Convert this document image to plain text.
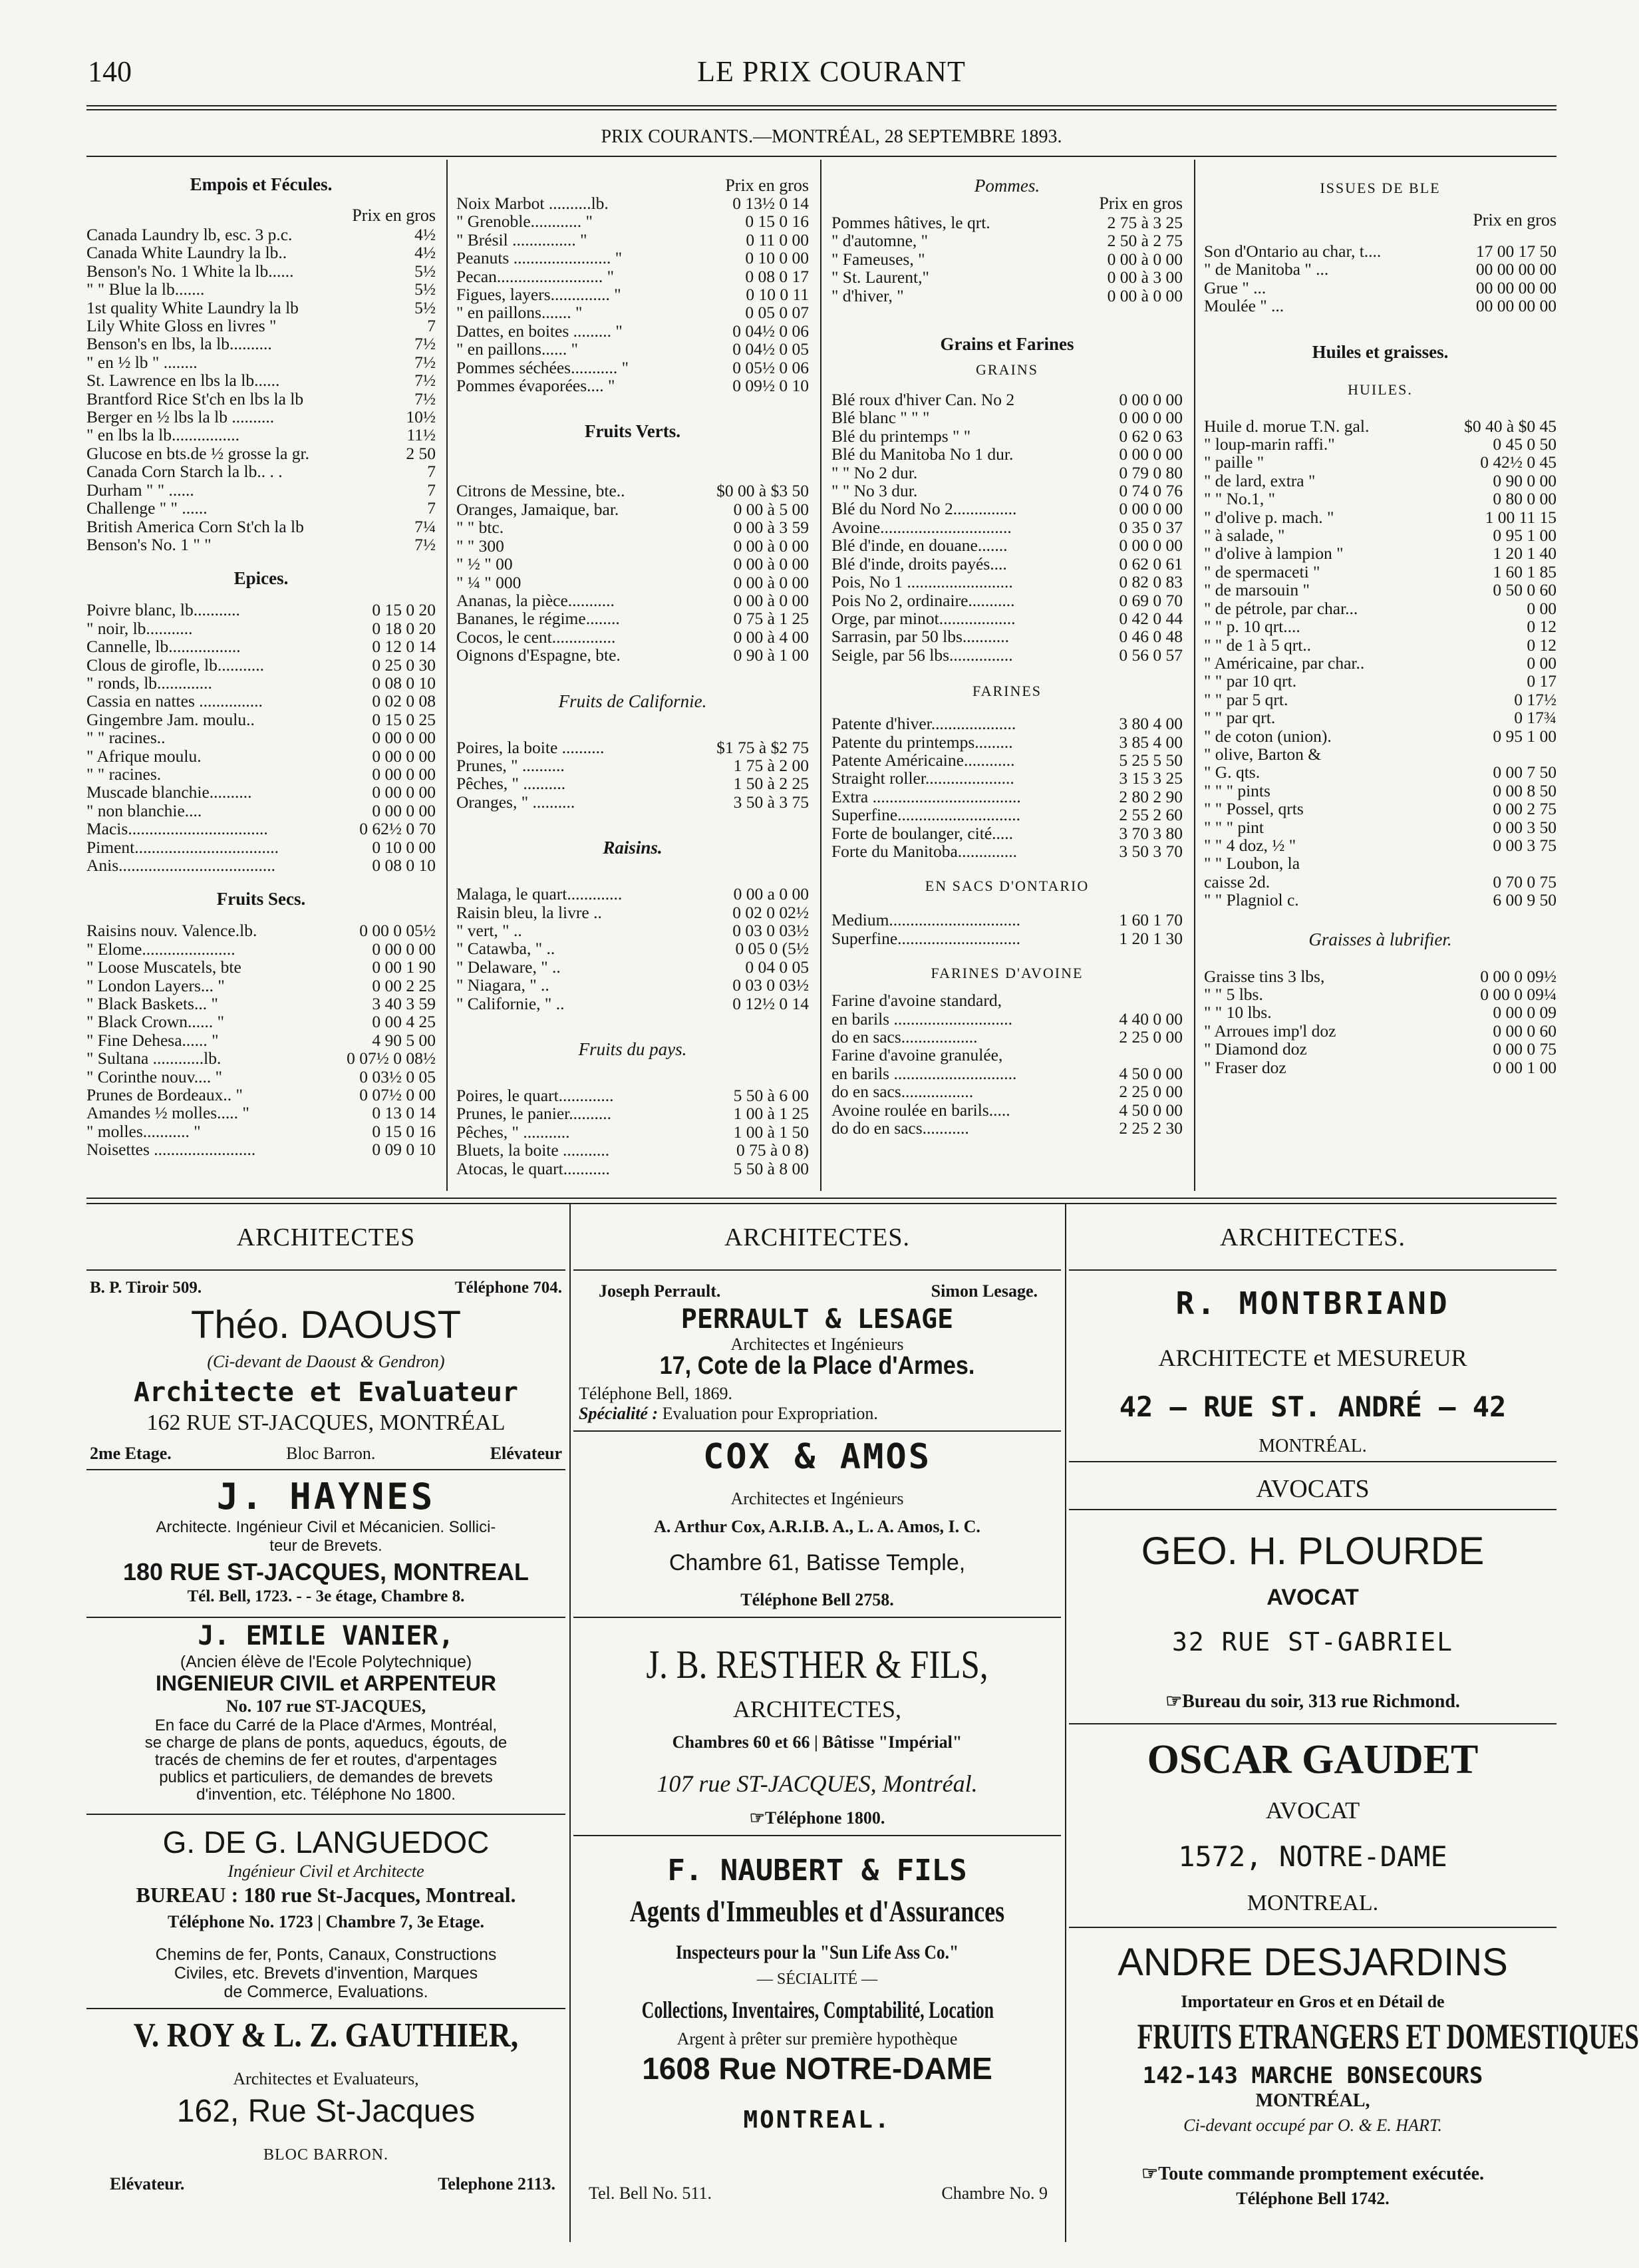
140	LE PRIX COURANT
PRIX COURANTS.—MONTRÉAL, 28 SEPTEMBRE 1893.
Empois et Fécules.
Prix en gros
Canada Laundry lb, esc. 3 p.c.	4½
Canada White Laundry la lb..	4½
Benson's No. 1 White la lb......	5½
" " Blue la lb.......	5½
1st quality White Laundry la lb	5½
Lily White Gloss en livres "	7
Benson's en lbs, la lb..........	7½
" en ½ lb " ........	7½
St. Lawrence en lbs la lb......	7½
Brantford Rice St'ch en lbs la lb	7½
Berger en ½ lbs la lb ..........	10½
" en lbs la lb................	11½
Glucose en bts.de ½ grosse la gr.	2 50
Canada Corn Starch la lb.. . .	7
Durham " " ......	7
Challenge " " ......	7
British America Corn St'ch la lb	7¼
Benson's No. 1 " "	7½
Epices.
Poivre blanc, lb...........	0 15 0 20
" noir, lb...........	0 18 0 20
Cannelle, lb.................	0 12 0 14
Clous de girofle, lb...........	0 25 0 30
" ronds, lb.............	0 08 0 10
Cassia en nattes ...............	0 02 0 08
Gingembre Jam. moulu..	0 15 0 25
" " racines..	0 00 0 00
" Afrique moulu.	0 00 0 00
" " racines.	0 00 0 00
Muscade blanchie..........	0 00 0 00
" non blanchie....	0 00 0 00
Macis.................................	0 62½ 0 70
Piment..................................	0 10 0 00
Anis.....................................	0 08 0 10
Fruits Secs.
Raisins nouv. Valence.lb.	0 00 0 05½
" Elome......................	0 00 0 00
" Loose Muscatels, bte	0 00 1 90
" London Layers... "	0 00 2 25
" Black Baskets... "	3 40 3 59
" Black Crown...... "	0 00 4 25
" Fine Dehesa...... "	4 90 5 00
" Sultana ............lb.	0 07½ 0 08½
" Corinthe nouv.... "	0 03½ 0 05
Prunes de Bordeaux.. "	0 07½ 0 00
Amandes ½ molles..... "	0 13 0 14
" molles........... "	0 15 0 16
Noisettes ........................	0 09 0 10
Prix en gros
Noix Marbot ..........lb.	0 13½ 0 14
" Grenoble............ "	0 15 0 16
" Brésil ............... "	0 11 0 00
Peanuts ....................... "	0 10 0 00
Pecan......................... "	0 08 0 17
Figues, layers.............. "	0 10 0 11
" en paillons....... "	0 05 0 07
Dattes, en boites ......... "	0 04½ 0 06
" en paillons...... "	0 04½ 0 05
Pommes séchées........... "	0 05½ 0 06
Pommes évaporées.... "	0 09½ 0 10
Fruits Verts.
Citrons de Messine, bte..	$0 00 à $3 50
Oranges, Jamaique, bar.	0 00 à 5 00
" " btc.	0 00 à 3 59
" " 300	0 00 à 0 00
" ½ " 00	0 00 à 0 00
" ¼ " 000	0 00 à 0 00
Ananas, la pièce...........	0 00 à 0 00
Bananes, le régime........	0 75 à 1 25
Cocos, le cent...............	0 00 à 4 00
Oignons d'Espagne, bte.	0 90 à 1 00
Fruits de Californie.
Poires, la boite ..........	$1 75 à $2 75
Prunes, " ..........	1 75 à 2 00
Pêches, " ..........	1 50 à 2 25
Oranges, " ..........	3 50 à 3 75
Raisins.
Malaga, le quart.............	0 00 a 0 00
Raisin bleu, la livre ..	0 02 0 02½
" vert, " ..	0 03 0 03½
" Catawba, " ..	0 05 0 (5½
" Delaware, " ..	0 04 0 05
" Niagara, " ..	0 03 0 03½
" Californie, " ..	0 12½ 0 14
Fruits du pays.
Poires, le quart.............	5 50 à 6 00
Prunes, le panier..........	1 00 à 1 25
Pêches, " ...........	1 00 à 1 50
Bluets, la boite ...........	0 75 à 0 8)
Atocas, le quart...........	5 50 à 8 00
Pommes.
Prix en gros
Pommes hâtives, le qrt.	2 75 à 3 25
" d'automne, "	2 50 à 2 75
" Fameuses, "	0 00 à 0 00
" St. Laurent,"	0 00 à 3 00
" d'hiver, "	0 00 à 0 00
Grains et Farines
GRAINS
Blé roux d'hiver Can. No 2	0 00 0 00
Blé blanc " " "	0 00 0 00
Blé du printemps " "	0 62 0 63
Blé du Manitoba No 1 dur.	0 00 0 00
" " No 2 dur.	0 79 0 80
" " No 3 dur.	0 74 0 76
Blé du Nord No 2...............	0 00 0 00
Avoine...............................	0 35 0 37
Blé d'inde, en douane.......	0 00 0 00
Blé d'inde, droits payés....	0 62 0 61
Pois, No 1 .........................	0 82 0 83
Pois No 2, ordinaire...........	0 69 0 70
Orge, par minot..................	0 42 0 44
Sarrasin, par 50 lbs...........	0 46 0 48
Seigle, par 56 lbs...............	0 56 0 57
FARINES
Patente d'hiver....................	3 80 4 00
Patente du printemps.........	3 85 4 00
Patente Américaine............	5 25 5 50
Straight roller.....................	3 15 3 25
Extra ...................................	2 80 2 90
Superfine.............................	2 55 2 60
Forte de boulanger, cité.....	3 70 3 80
Forte du Manitoba..............	3 50 3 70
EN SACS D'ONTARIO
Medium...............................	1 60 1 70
Superfine.............................	1 20 1 30
FARINES D'AVOINE
Farine d'avoine standard,
en barils ............................	4 40 0 00
do en sacs..................	2 25 0 00
Farine d'avoine granulée,
en barils .............................	4 50 0 00
do en sacs.................	2 25 0 00
Avoine roulée en barils.....	4 50 0 00
do do en sacs...........	2 25 2 30
ISSUES DE BLE
Prix en gros
Son d'Ontario au char, t....	17 00 17 50
" de Manitoba " ...	00 00 00 00
Grue " ...	00 00 00 00
Moulée " ...	00 00 00 00
Huiles et graisses.
HUILES.
Huile d. morue T.N. gal.	$0 40 à $0 45
" loup-marin raffi."	0 45 0 50
" paille "	0 42½ 0 45
" de lard, extra "	0 90 0 00
" " No.1, "	0 80 0 00
" d'olive p. mach. "	1 00 11 15
" à salade, "	0 95 1 00
" d'olive à lampion "	1 20 1 40
" de spermaceti "	1 60 1 85
" de marsouin "	0 50 0 60
" de pétrole, par char...	0 00
" " p. 10 qrt....	0 12
" " de 1 à 5 qrt..	0 12
" Américaine, par char..	0 00
" " par 10 qrt.	0 17
" " par 5 qrt.	0 17½
" " par qrt.	0 17¾
" de coton (union).	0 95 1 00
" olive, Barton &
" G. qts.	0 00 7 50
" " " pints	0 00 8 50
" " Possel, qrts	0 00 2 75
" " " pint	0 00 3 50
" " 4 doz, ½ "	0 00 3 75
" " Loubon, la
caisse 2d.	0 70 0 75
" " Plagniol c.	6 00 9 50
Graisses à lubrifier.
Graisse tins 3 lbs,	0 00 0 09½
" " 5 lbs.	0 00 0 09¼
" " 10 lbs.	0 00 0 09
" Arroues imp'l doz	0 00 0 60
" Diamond doz	0 00 0 75
" Fraser doz	0 00 1 00
ARCHITECTES
B. P. Tiroir 509.	Téléphone 704.
Théo. DAOUST
(Ci-devant de Daoust & Gendron)
Architecte et Evaluateur
162 RUE ST-JACQUES, MONTRÉAL
2me Etage.	Bloc Barron.	Elévateur
J. HAYNES
Architecte. Ingénieur Civil et Mécanicien. Sollici-
teur de Brevets.
180 RUE ST-JACQUES, MONTREAL
Tél. Bell, 1723. - - 3e étage, Chambre 8.
J. EMILE VANIER,
(Ancien élève de l'Ecole Polytechnique)
INGENIEUR CIVIL et ARPENTEUR
No. 107 rue ST-JACQUES,
En face du Carré de la Place d'Armes, Montréal,
se charge de plans de ponts, aqueducs, égouts, de
tracés de chemins de fer et routes, d'arpentages
publics et particuliers, de demandes de brevets
d'invention, etc. Téléphone No 1800.
G. DE G. LANGUEDOC
Ingénieur Civil et Architecte
BUREAU : 180 rue St-Jacques, Montreal.
Téléphone No. 1723 | Chambre 7, 3e Etage.
Chemins de fer, Ponts, Canaux, Constructions
Civiles, etc. Brevets d'invention, Marques
de Commerce, Evaluations.
V. ROY & L. Z. GAUTHIER,
Architectes et Evaluateurs,
162, Rue St-Jacques
BLOC BARRON.
Elévateur.	Telephone 2113.
ARCHITECTES.
Joseph Perrault.	Simon Lesage.
PERRAULT & LESAGE
Architectes et Ingénieurs
17, Cote de la Place d'Armes.
Téléphone Bell, 1869.
Spécialité : Evaluation pour Expropriation.
COX & AMOS
Architectes et Ingénieurs
A. Arthur Cox, A.R.I.B. A., L. A. Amos, I. C.
Chambre 61, Batisse Temple,
Téléphone Bell 2758.
J. B. RESTHER & FILS,
ARCHITECTES,
Chambres 60 et 66 | Bâtisse "Impérial"
107 rue ST-JACQUES, Montréal.
☞Téléphone 1800.
F. NAUBERT & FILS
Agents d'Immeubles et d'Assurances
Inspecteurs pour la "Sun Life Ass Co."
— SÉCIALITÉ —
Collections, Inventaires, Comptabilité, Location
Argent à prêter sur première hypothèque
1608 Rue NOTRE-DAME
MONTREAL.
Tel. Bell No. 511.	Chambre No. 9
ARCHITECTES.
R. MONTBRIAND
ARCHITECTE et MESUREUR
42 — RUE ST. ANDRÉ — 42
MONTRÉAL.
AVOCATS
GEO. H. PLOURDE
AVOCAT
32 RUE ST-GABRIEL
☞Bureau du soir, 313 rue Richmond.
OSCAR GAUDET
AVOCAT
1572, NOTRE-DAME
MONTREAL.
ANDRE DESJARDINS
Importateur en Gros et en Détail de
FRUITS ETRANGERS ET DOMESTIQUES
142-143 MARCHE BONSECOURS
MONTRÉAL,
Ci-devant occupé par O. & E. HART.
☞Toute commande promptement exécutée.
Téléphone Bell 1742.
